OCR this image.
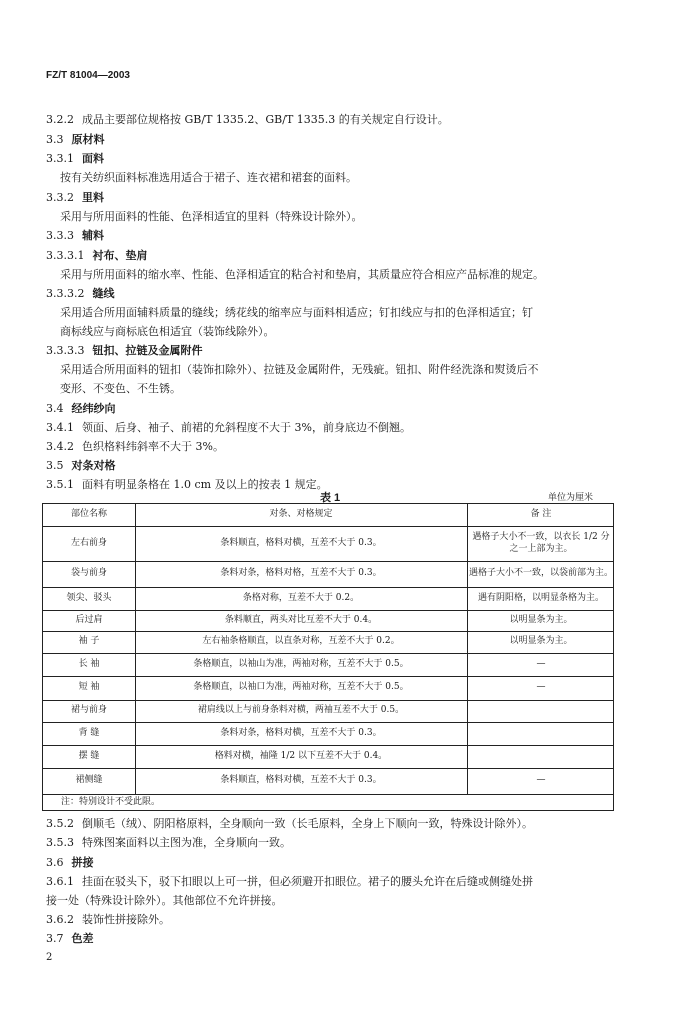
FZ/T 81004—2003
3.2.2 成品主要部位规格按 GB/T 1335.2、GB/T 1335.3 的有关规定自行设计。
3.3 原材料
3.3.1 面料
按有关纺织面料标准选用适合于裙子、连衣裙和裙套的面料。
3.3.2 里料
采用与所用面料的性能、色泽相适宜的里料（特殊设计除外）。
3.3.3 辅料
3.3.3.1 衬布、垫肩
采用与所用面料的缩水率、性能、色泽相适宜的粘合衬和垫肩，其质量应符合相应产品标准的规定。
3.3.3.2 缝线
采用适合所用面辅料质量的缝线；绣花线的缩率应与面料相适应；钉扣线应与扣的色泽相适宜；钉
商标线应与商标底色相适宜（装饰线除外）。
3.3.3.3 钮扣、拉链及金属附件
采用适合所用面料的钮扣（装饰扣除外）、拉链及金属附件，无残疵。钮扣、附件经洗涤和熨烫后不
变形、不变色、不生锈。
3.4 经纬纱向
3.4.1 领面、后身、袖子、前裙的允斜程度不大于 3%，前身底边不倒翘。
3.4.2 色织格料纬斜率不大于 3%。
3.5 对条对格
3.5.1 面料有明显条格在 1.0 cm 及以上的按表 1 规定。
表 1	单位为厘米
注：特别设计不受此限。
部位名称	对条、对格规定	备 注
左右前身	条料顺直，格料对横，互差不大于 0.3。
遇格子大小不一致，以衣长 1/2 分
之一上部为主。
袋与前身	条料对条，格料对格，互差不大于 0.3。	遇格子大小不一致，以袋前部为主。
领尖、驳头	条格对称，互差不大于 0.2。	遇有阴阳格，以明显条格为主。
后过肩	条料顺直，两头对比互差不大于 0.4。	以明显条为主。
袖 子	左右袖条格顺直，以直条对称，互差不大于 0.2。	以明显条为主。
长 袖	条格顺直，以袖山为准，两袖对称，互差不大于 0.5。	—
短 袖	条格顺直，以袖口为准，两袖对称，互差不大于 0.5。	—
裙与前身	裙肩线以上与前身条料对横，两袖互差不大于 0.5。
背 缝	条料对条，格料对横，互差不大于 0.3。
摆 缝	格料对横，袖隆 1/2 以下互差不大于 0.4。
裙侧缝	条料顺直，格料对横，互差不大于 0.3。	—
3.5.2 倒顺毛（绒）、阴阳格原料，全身顺向一致（长毛原料，全身上下顺向一致，特殊设计除外）。
3.5.3 特殊图案面料以主图为准，全身顺向一致。
3.6 拼接
3.6.1 挂面在驳头下，驳下扣眼以上可一拼，但必须避开扣眼位。裙子的腰头允许在后缝或侧缝处拼
接一处（特殊设计除外）。其他部位不允许拼接。
3.6.2 装饰性拼接除外。
3.7 色差
2
